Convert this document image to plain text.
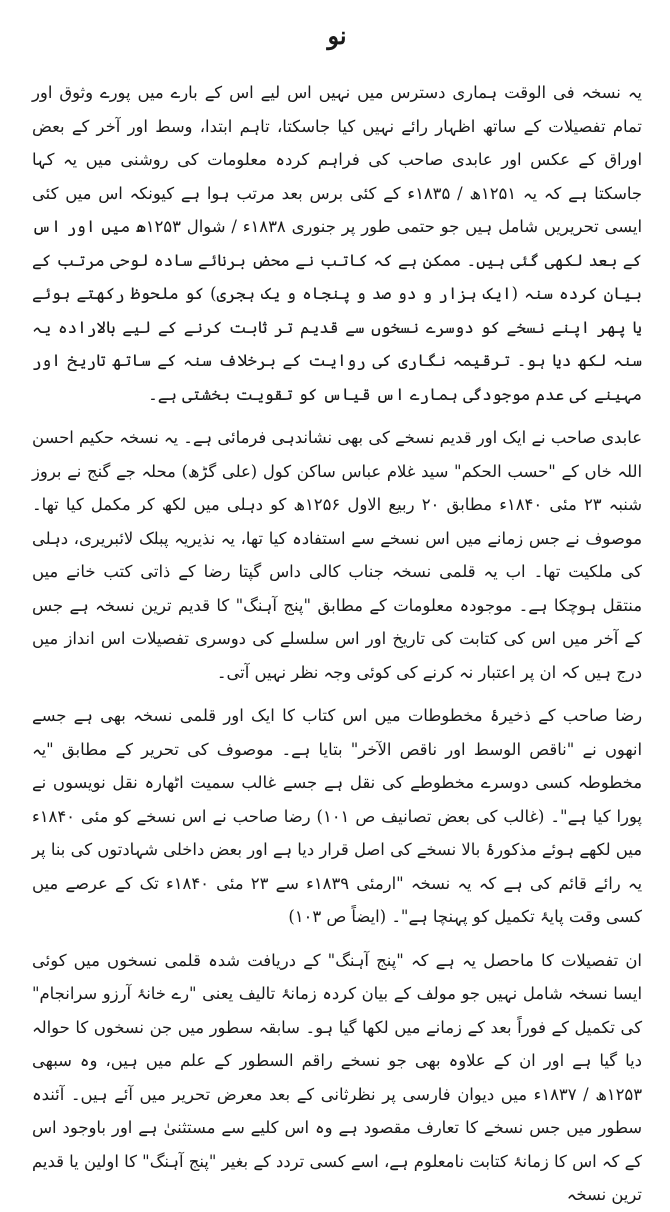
نو

یہ نسخہ فی الوقت ہماری دسترس میں نہیں اس لیے اس کے بارے میں پورے وثوق اور تمام تفصیلات کے ساتھ اظہار رائے نہیں کیا جاسکتا، تاہم ابتدا، وسط اور آخر کے بعض اوراق کے عکس اور عابدی صاحب کی فراہم کردہ معلومات کی روشنی میں یہ کہا جاسکتا ہے کہ یہ ۱۲۵۱ھ / ۱۸۳۵ء کے کئی برس بعد مرتب ہوا ہے کیونکہ اس میں کئی ایسی تحریریں شامل ہیں جو حتمی طور پر جنوری ۱۸۳۸ء / شوال ۱۲۵۳ھ میں اور اس کے بعد لکھی گئی ہیں۔ ممکن ہے کہ کاتب نے محض برنائے سادہ لوحی مرتب کے بیان کردہ سنہ (ایک ہزار و دو صد و پنجاہ و یک ہجری) کو ملحوظ رکھتے ہوئے یا پھر اپنے نسخے کو دوسرے نسخوں سے قدیم تر ثابت کرنے کے لیے بالارادہ یہ سنہ لکھ دیا ہو۔ ترقیمہ نگاری کی روایت کے برخلاف سنہ کے ساتھ تاریخ اور مہینے کی عدم موجودگی ہمارے اس قیاس کو تقویت بخشتی ہے۔

عابدی صاحب نے ایک اور قدیم نسخے کی بھی نشاندہی فرمائی ہے۔ یہ نسخہ حکیم احسن اللہ خاں کے "حسب الحکم" سید غلام عباس ساکن کول (علی گڑھ) محلہ جے گنج نے بروز شنبہ ۲۳ مئی ۱۸۴۰ء مطابق ۲۰ ربیع الاول ۱۲۵۶ھ کو دہلی میں لکھ کر مکمل کیا تھا۔ موصوف نے جس زمانے میں اس نسخے سے استفادہ کیا تھا، یہ نذیریہ پبلک لائبریری، دہلی کی ملکیت تھا۔ اب یہ قلمی نسخہ جناب کالی داس گپتا رضا کے ذاتی کتب خانے میں منتقل ہوچکا ہے۔ موجودہ معلومات کے مطابق "پنج آہنگ" کا قدیم ترین نسخہ ہے جس کے آخر میں اس کی کتابت کی تاریخ اور اس سلسلے کی دوسری تفصیلات اس انداز میں درج ہیں کہ ان پر اعتبار نہ کرنے کی کوئی وجہ نظر نہیں آتی۔

رضا صاحب کے ذخیرۂ مخطوطات میں اس کتاب کا ایک اور قلمی نسخہ بھی ہے جسے انھوں نے "ناقص الوسط اور ناقص الآخر" بتایا ہے۔ موصوف کی تحریر کے مطابق "یہ مخطوطہ کسی دوسرے مخطوطے کی نقل ہے جسے غالب سمیت اٹھارہ نقل نویسوں نے پورا کیا ہے"۔ (غالب کی بعض تصانیف ص ۱۰۱) رضا صاحب نے اس نسخے کو مئی ۱۸۴۰ء میں لکھے ہوئے مذکورۂ بالا نسخے کی اصل قرار دیا ہے اور بعض داخلی شہادتوں کی بنا پر یہ رائے قائم کی ہے کہ یہ نسخہ "ارمئی ۱۸۳۹ء سے ۲۳ مئی ۱۸۴۰ء تک کے عرصے میں کسی وقت پایۂ تکمیل کو پہنچا ہے"۔ (ایضاً ص ۱۰۳)

ان تفصیلات کا ماحصل یہ ہے کہ "پنج آہنگ" کے دریافت شدہ قلمی نسخوں میں کوئی ایسا نسخہ شامل نہیں جو مولف کے بیان کردہ زمانۂ تالیف یعنی "رے خانۂ آرزو سرانجام" کی تکمیل کے فوراً بعد کے زمانے میں لکھا گیا ہو۔ سابقہ سطور میں جن نسخوں کا حوالہ دیا گیا ہے اور ان کے علاوہ بھی جو نسخے راقم السطور کے علم میں ہیں، وہ سبھی ۱۲۵۳ھ / ۱۸۳۷ء میں دیوان فارسی پر نظرثانی کے بعد معرض تحریر میں آئے ہیں۔ آئندہ سطور میں جس نسخے کا تعارف مقصود ہے وہ اس کلیے سے مستثنیٰ ہے اور باوجود اس کے کہ اس کا زمانۂ کتابت نامعلوم ہے، اسے کسی تردد کے بغیر "پنج آہنگ" کا اولین یا قدیم ترین نسخہ
